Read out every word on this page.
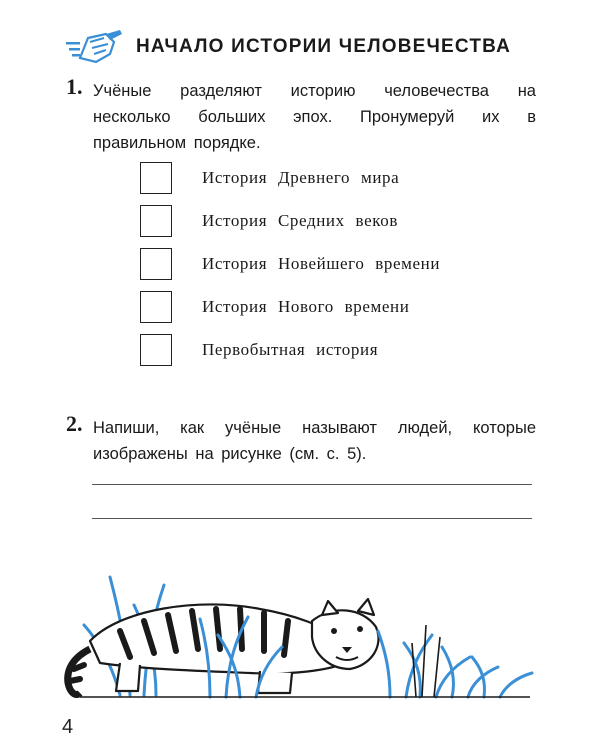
НАЧАЛО ИСТОРИИ ЧЕЛОВЕЧЕСТВА
1. Учёные разделяют историю человечества на несколько больших эпох. Пронумеруй их в правильном порядке.
История Древнего мира
История Средних веков
История Новейшего времени
История Нового времени
Первобытная история
2. Напиши, как учёные называют людей, которые изображены на рисунке (см. с. 5).
4
